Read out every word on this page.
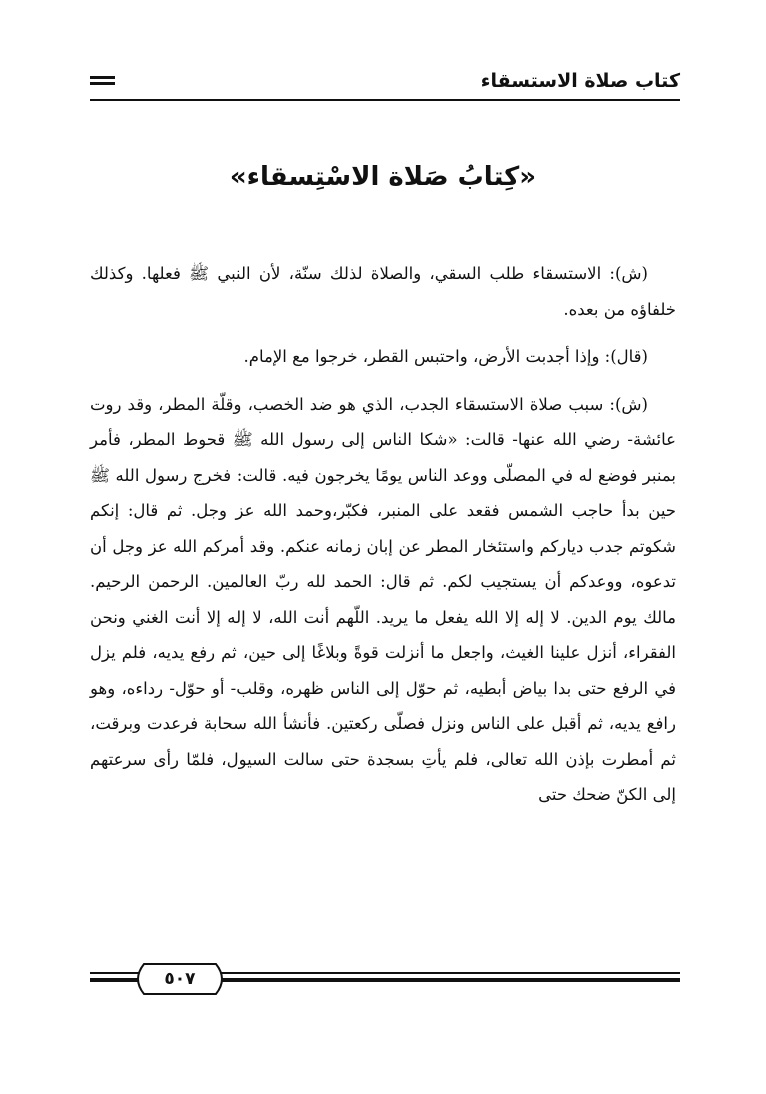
كتاب صلاة الاستسقاء
«كِتابُ صَلاة الاسْتِسقاء»

(ش): الاستسقاء طلب السقي، والصلاة لذلك سنّة، لأن النبي ﷺ فعلها. وكذلك خلفاؤه من بعده.

(قال): وإذا أجدبت الأرض، واحتبس القطر، خرجوا مع الإمام.

(ش): سبب صلاة الاستسقاء الجدب، الذي هو ضد الخصب، وقلّة المطر، وقد روت عائشة- رضي الله عنها- قالت: «شكا الناس إلى رسول الله ﷺ قحوط المطر، فأمر بمنبر فوضع له في المصلّى ووعد الناس يومًا يخرجون فيه. قالت: فخرج رسول الله ﷺ حين بدأ حاجب الشمس فقعد على المنبر، فكبّر،وحمد الله عز وجل. ثم قال: إنكم شكوتم جدب دياركم واستئخار المطر عن إبان زمانه عنكم. وقد أمركم الله عز وجل أن تدعوه، ووعدكم أن يستجيب لكم. ثم قال: الحمد لله ربّ العالمين. الرحمن الرحيم. مالك يوم الدين. لا إله إلا الله يفعل ما يريد. اللّهم أنت الله، لا إله إلا أنت الغني ونحن الفقراء، أنزل علينا الغيث، واجعل ما أنزلت قوةً وبلاغًا إلى حين، ثم رفع يديه، فلم يزل في الرفع حتى بدا بياض أبطيه، ثم حوّل إلى الناس ظهره، وقلب- أو حوّل- رداءه، وهو رافع يديه، ثم أقبل على الناس ونزل فصلّى ركعتين. فأنشأ الله سحابة فرعدت وبرقت، ثم أمطرت بإذن الله تعالى، فلم يأتِ بسجدة حتى سالت السيول، فلمّا رأى سرعتهم إلى الكنّ ضحك حتى

٥٠٧
